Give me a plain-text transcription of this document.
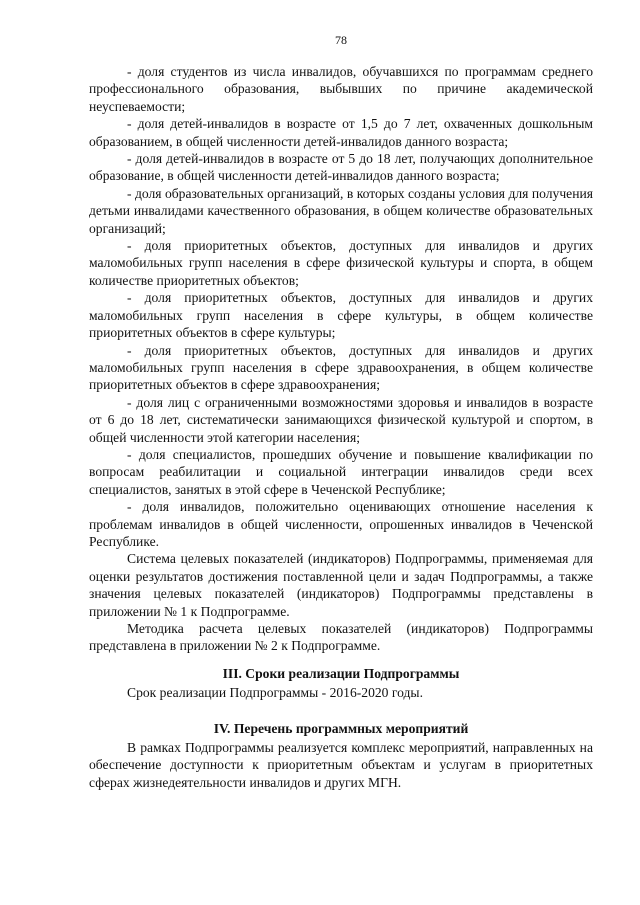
78

- доля студентов из числа инвалидов, обучавшихся по программам среднего профессионального образования, выбывших по причине академической неуспеваемости;

- доля детей-инвалидов в возрасте от 1,5 до 7 лет, охваченных дошкольным образованием, в общей численности детей-инвалидов данного возраста;

- доля детей-инвалидов в возрасте от 5 до 18 лет, получающих дополнительное образование, в общей численности детей-инвалидов данного возраста;

- доля образовательных организаций, в которых созданы условия для получения детьми инвалидами качественного образования, в общем количестве образовательных организаций;

- доля приоритетных объектов, доступных для инвалидов и других маломобильных групп населения в сфере физической культуры и спорта, в общем количестве приоритетных объектов;

- доля приоритетных объектов, доступных для инвалидов и других маломобильных групп населения в сфере культуры, в общем количестве приоритетных объектов в сфере культуры;

- доля приоритетных объектов, доступных для инвалидов и других маломобильных групп населения в сфере здравоохранения, в общем количестве приоритетных объектов в сфере здравоохранения;

- доля лиц с ограниченными возможностями здоровья и инвалидов в возрасте от 6 до 18 лет, систематически занимающихся физической культурой и спортом, в общей численности этой категории населения;

- доля специалистов, прошедших обучение и повышение квалификации по вопросам реабилитации и социальной интеграции инвалидов среди всех специалистов, занятых в этой сфере в Чеченской Республике;

- доля инвалидов, положительно оценивающих отношение населения к проблемам инвалидов в общей численности, опрошенных инвалидов в Чеченской Республике.

Система целевых показателей (индикаторов) Подпрограммы, применяемая для оценки результатов достижения поставленной цели и задач Подпрограммы, а также значения целевых показателей (индикаторов) Подпрограммы представлены в приложении № 1 к Подпрограмме.

Методика расчета целевых показателей (индикаторов) Подпрограммы представлена в приложении № 2 к Подпрограмме.

III. Сроки реализации Подпрограммы

Срок реализации Подпрограммы - 2016-2020 годы.

IV. Перечень программных мероприятий

В рамках Подпрограммы реализуется комплекс мероприятий, направленных на обеспечение доступности к приоритетным объектам и услугам в приоритетных сферах жизнедеятельности инвалидов и других МГН.
